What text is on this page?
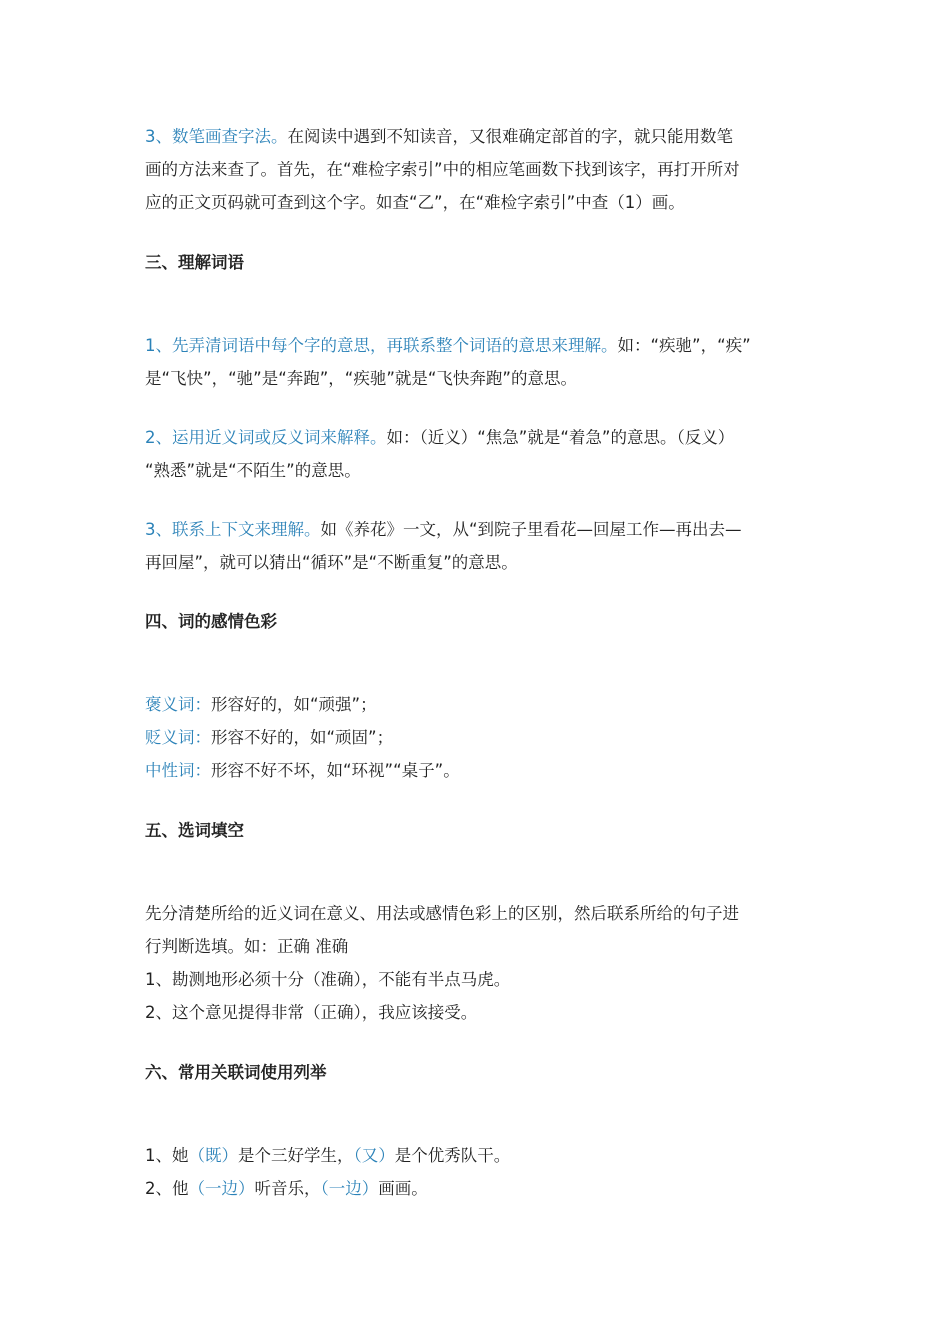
3、数笔画查字法。在阅读中遇到不知读音，又很难确定部首的字，就只能用数笔
画的方法来查了。首先，在“难检字索引”中的相应笔画数下找到该字，再打开所对
应的正文页码就可查到这个字。如查“乙”，在“难检字索引”中查（1）画。
三、理解词语
1、先弄清词语中每个字的意思，再联系整个词语的意思来理解。如：“疾驰”，“疾”
是“飞快”，“驰”是“奔跑”，“疾驰”就是“飞快奔跑”的意思。
2、运用近义词或反义词来解释。如：（近义）“焦急”就是“着急”的意思。（反义）
“熟悉”就是“不陌生”的意思。
3、联系上下文来理解。如《养花》一文，从“到院子里看花—回屋工作—再出去—
再回屋”，就可以猜出“循环”是“不断重复”的意思。
四、词的感情色彩
褒义词：形容好的，如“顽强”；
贬义词：形容不好的，如“顽固”；
中性词：形容不好不坏，如“环视”“桌子”。
五、选词填空
先分清楚所给的近义词在意义、用法或感情色彩上的区别，然后联系所给的句子进
行判断选填。如：正确 准确
1、勘测地形必须十分（准确），不能有半点马虎。
2、这个意见提得非常（正确），我应该接受。
六、常用关联词使用列举
1、她（既）是个三好学生，（又）是个优秀队干。
2、他（一边）听音乐，（一边）画画。
